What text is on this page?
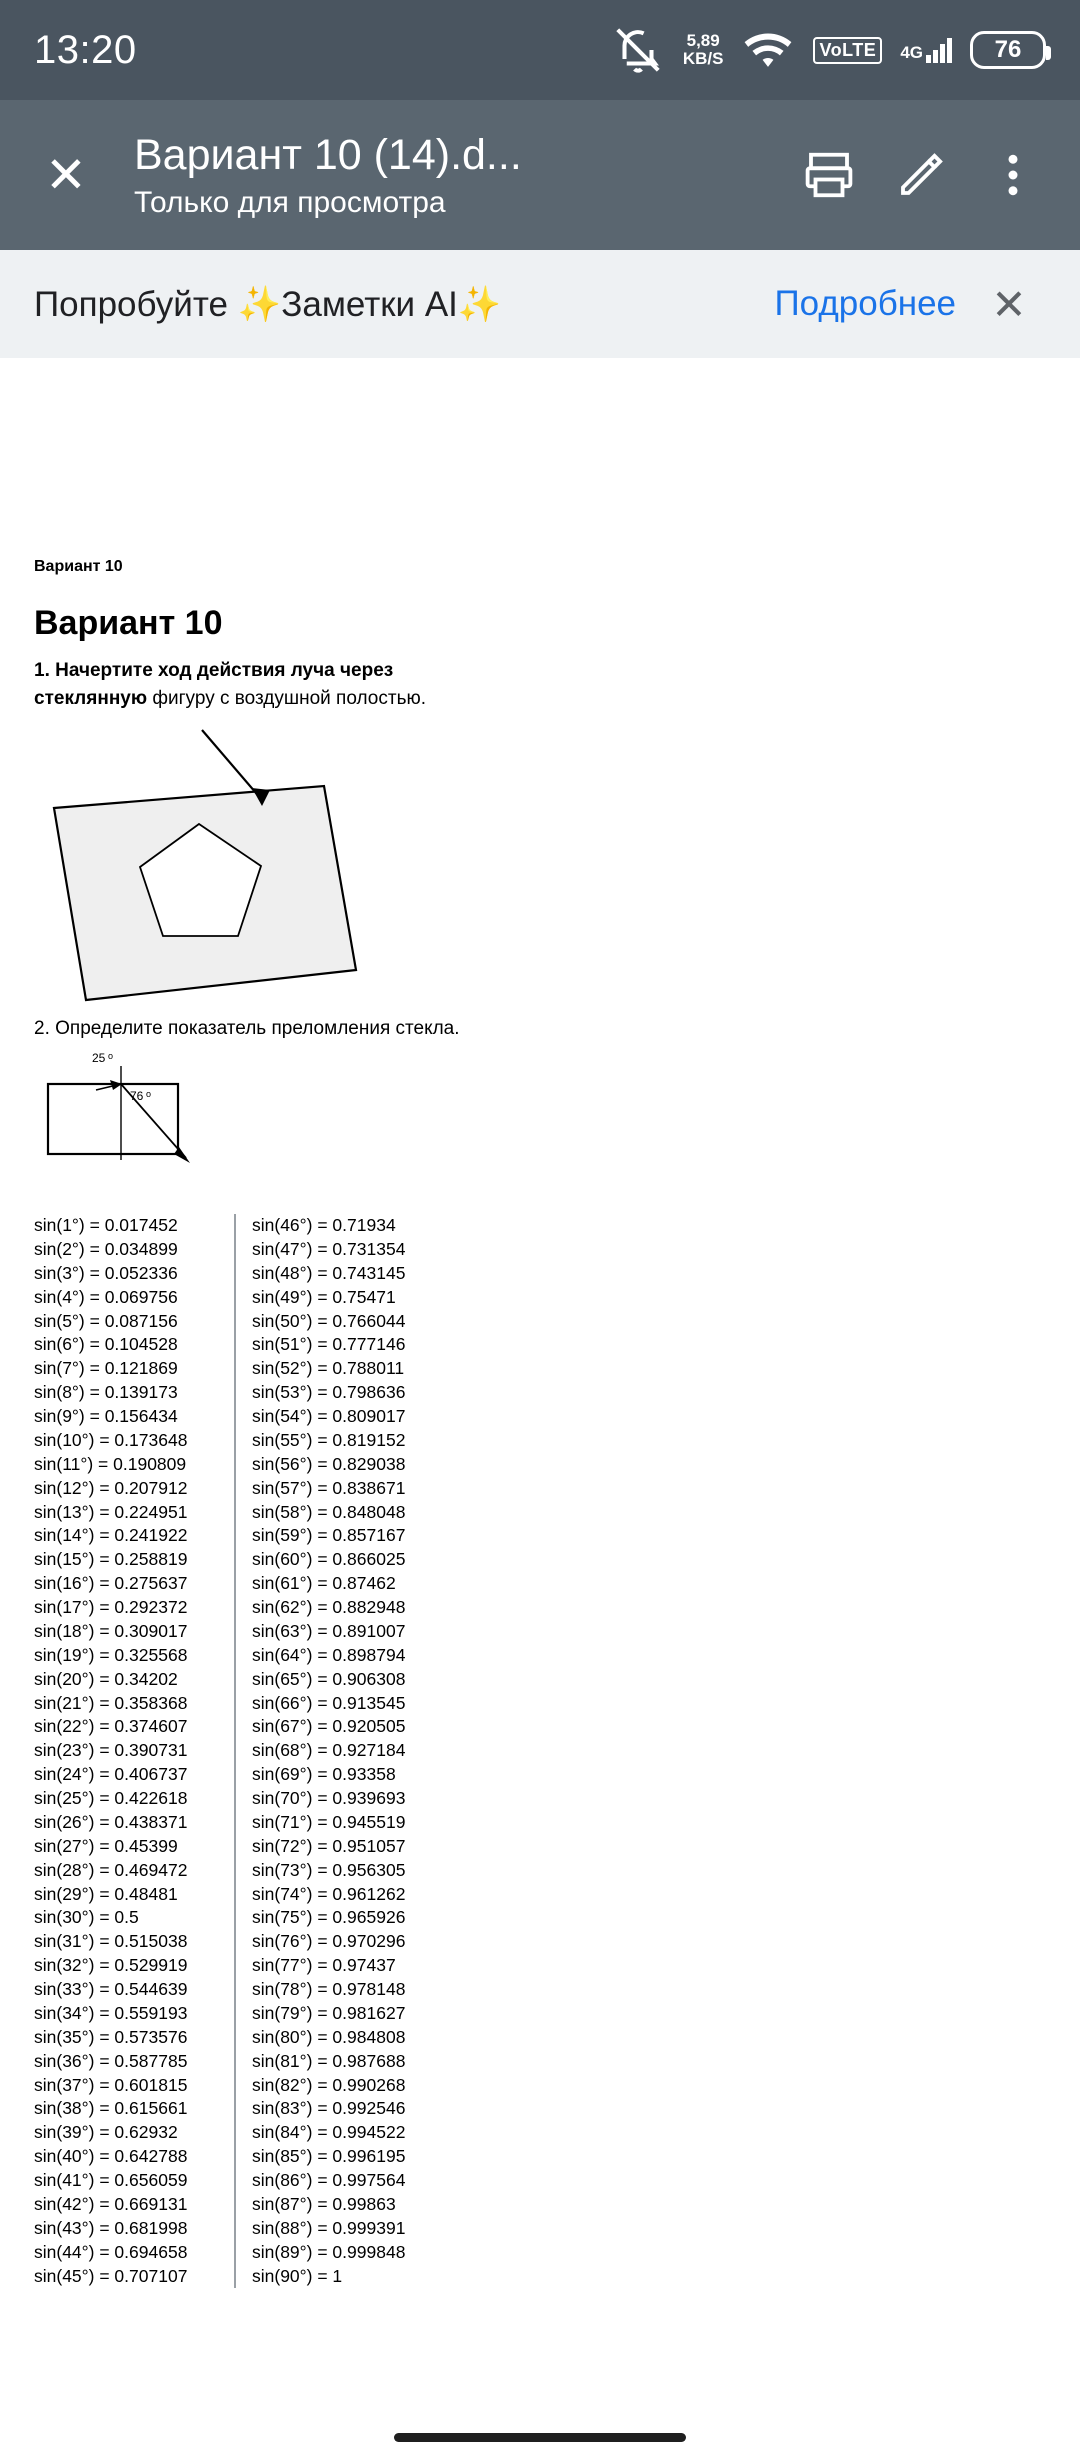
13:20	5,89
KB/S	VoLTE	4G	76
✕	Вариант 10 (14).d...
Только для просмотра
Попробуйте ✨Заметки AI✨	Подробнее ✕
Вариант 10
Вариант 10
1. Начертите ход действия луча через стеклянную фигуру с воздушной полостью.
2. Определите показатель преломления стекла.
25 о
76 о
sin(1°) = 0.017452
sin(2°) = 0.034899
sin(3°) = 0.052336
sin(4°) = 0.069756
sin(5°) = 0.087156
sin(6°) = 0.104528
sin(7°) = 0.121869
sin(8°) = 0.139173
sin(9°) = 0.156434
sin(10°) = 0.173648
sin(11°) = 0.190809
sin(12°) = 0.207912
sin(13°) = 0.224951
sin(14°) = 0.241922
sin(15°) = 0.258819
sin(16°) = 0.275637
sin(17°) = 0.292372
sin(18°) = 0.309017
sin(19°) = 0.325568
sin(20°) = 0.34202
sin(21°) = 0.358368
sin(22°) = 0.374607
sin(23°) = 0.390731
sin(24°) = 0.406737
sin(25°) = 0.422618
sin(26°) = 0.438371
sin(27°) = 0.45399
sin(28°) = 0.469472
sin(29°) = 0.48481
sin(30°) = 0.5
sin(31°) = 0.515038
sin(32°) = 0.529919
sin(33°) = 0.544639
sin(34°) = 0.559193
sin(35°) = 0.573576
sin(36°) = 0.587785
sin(37°) = 0.601815
sin(38°) = 0.615661
sin(39°) = 0.62932
sin(40°) = 0.642788
sin(41°) = 0.656059
sin(42°) = 0.669131
sin(43°) = 0.681998
sin(44°) = 0.694658
sin(45°) = 0.707107
sin(46°) = 0.71934
sin(47°) = 0.731354
sin(48°) = 0.743145
sin(49°) = 0.75471
sin(50°) = 0.766044
sin(51°) = 0.777146
sin(52°) = 0.788011
sin(53°) = 0.798636
sin(54°) = 0.809017
sin(55°) = 0.819152
sin(56°) = 0.829038
sin(57°) = 0.838671
sin(58°) = 0.848048
sin(59°) = 0.857167
sin(60°) = 0.866025
sin(61°) = 0.87462
sin(62°) = 0.882948
sin(63°) = 0.891007
sin(64°) = 0.898794
sin(65°) = 0.906308
sin(66°) = 0.913545
sin(67°) = 0.920505
sin(68°) = 0.927184
sin(69°) = 0.93358
sin(70°) = 0.939693
sin(71°) = 0.945519
sin(72°) = 0.951057
sin(73°) = 0.956305
sin(74°) = 0.961262
sin(75°) = 0.965926
sin(76°) = 0.970296
sin(77°) = 0.97437
sin(78°) = 0.978148
sin(79°) = 0.981627
sin(80°) = 0.984808
sin(81°) = 0.987688
sin(82°) = 0.990268
sin(83°) = 0.992546
sin(84°) = 0.994522
sin(85°) = 0.996195
sin(86°) = 0.997564
sin(87°) = 0.99863
sin(88°) = 0.999391
sin(89°) = 0.999848
sin(90°) = 1
